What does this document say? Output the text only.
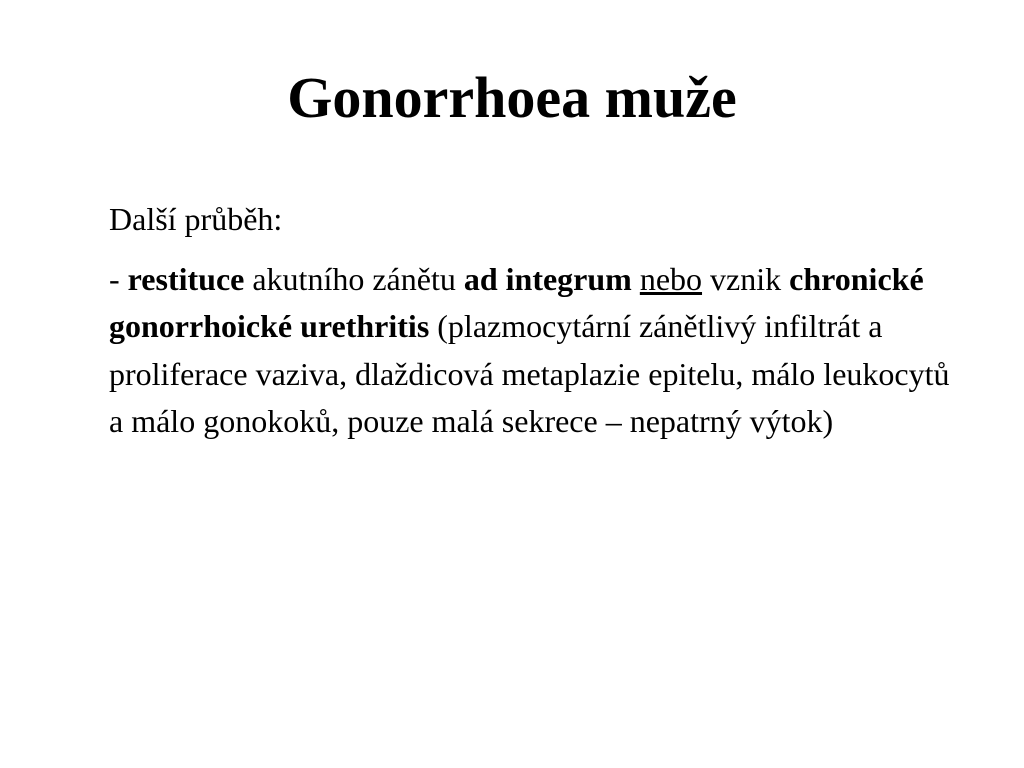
Gonorrhoea muže

Další průběh:

- restituce akutního zánětu ad integrum nebo vznik chronické gonorrhoické urethritis (plazmocytární zánětlivý infiltrát a proliferace vaziva, dlaždicová metaplazie epitelu, málo leukocytů a málo gonokoků, pouze malá sekrece – nepatrný výtok)
